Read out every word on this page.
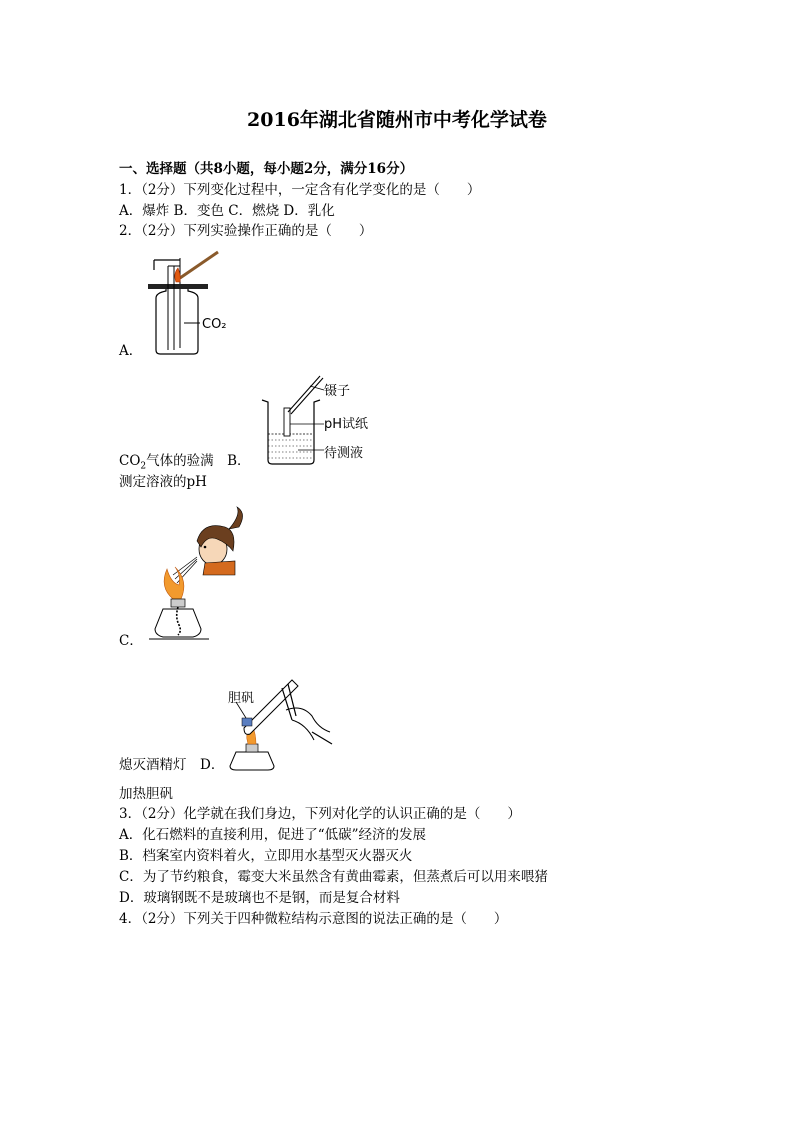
2016年湖北省随州市中考化学试卷
一、选择题（共8小题，每小题2分，满分16分）
1．（2分）下列变化过程中，一定含有化学变化的是（　　）
A．爆炸 B．变色 C．燃烧 D．乳化
2．（2分）下列实验操作正确的是（　　）
CO₂
A．
镊子
pH试纸
待测液
$CO_2$气体的验满　B．
测定溶液的pH
C．
胆矾
熄灭酒精灯　D．
加热胆矾
3．（2分）化学就在我们身边，下列对化学的认识正确的是（　　）
A．化石燃料的直接利用，促进了“低碳”经济的发展
B．档案室内资料着火，立即用水基型灭火器灭火
C．为了节约粮食，霉变大米虽然含有黄曲霉素，但蒸煮后可以用来喂猪
D．玻璃钢既不是玻璃也不是钢，而是复合材料
4．（2分）下列关于四种微粒结构示意图的说法正确的是（　　）
